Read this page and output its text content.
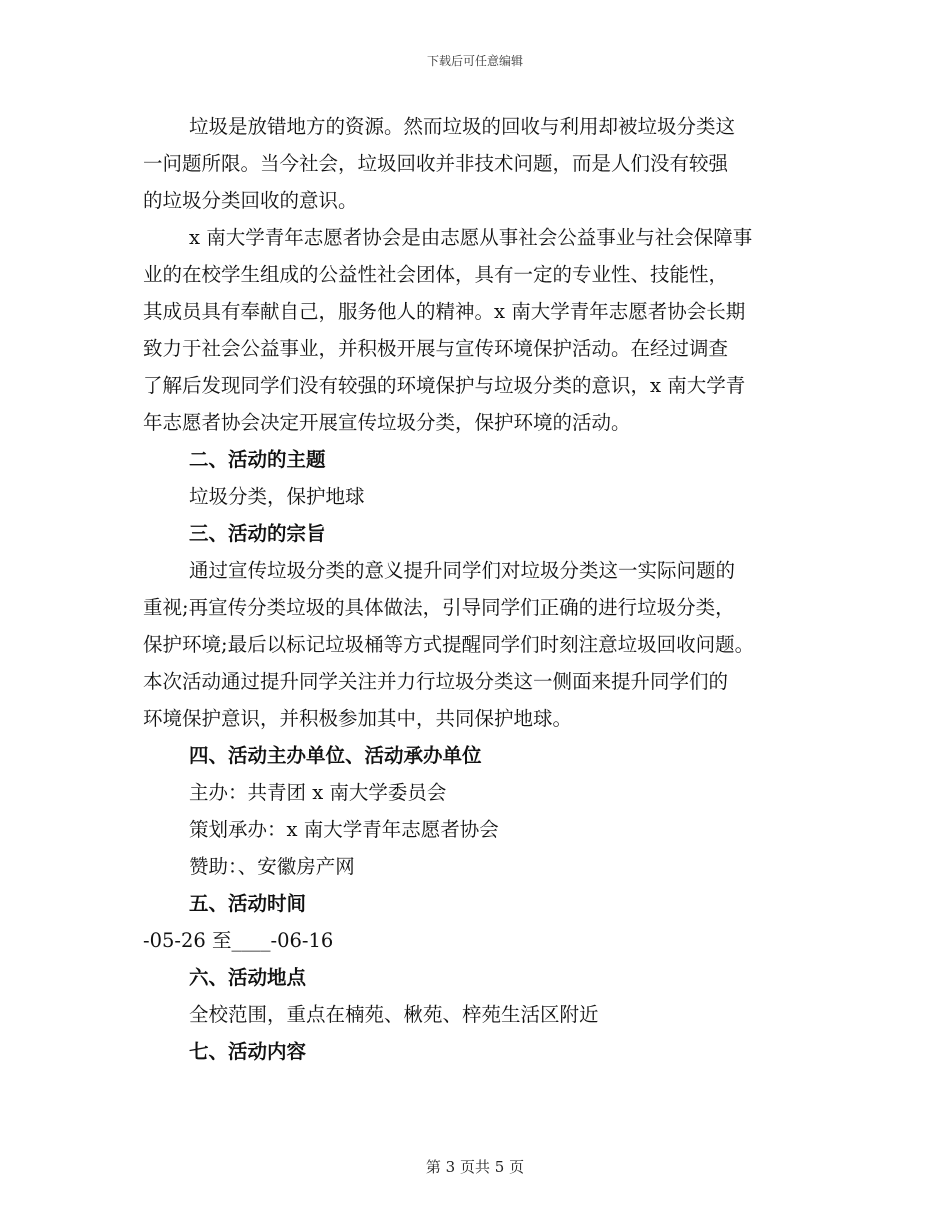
下载后可任意编辑
垃圾是放错地方的资源。然而垃圾的回收与利用却被垃圾分类这
一问题所限。当今社会，垃圾回收并非技术问题，而是人们没有较强
的垃圾分类回收的意识。
x 南大学青年志愿者协会是由志愿从事社会公益事业与社会保障事
业的在校学生组成的公益性社会团体，具有一定的专业性、技能性，
其成员具有奉献自己，服务他人的精神。x 南大学青年志愿者协会长期
致力于社会公益事业，并积极开展与宣传环境保护活动。在经过调查
了解后发现同学们没有较强的环境保护与垃圾分类的意识，x 南大学青
年志愿者协会决定开展宣传垃圾分类，保护环境的活动。
二、活动的主题
垃圾分类，保护地球
三、活动的宗旨
通过宣传垃圾分类的意义提升同学们对垃圾分类这一实际问题的
重视;再宣传分类垃圾的具体做法，引导同学们正确的进行垃圾分类，
保护环境;最后以标记垃圾桶等方式提醒同学们时刻注意垃圾回收问题。
本次活动通过提升同学关注并力行垃圾分类这一侧面来提升同学们的
环境保护意识，并积极参加其中，共同保护地球。
四、活动主办单位、活动承办单位
主办：共青团 x 南大学委员会
策划承办：x 南大学青年志愿者协会
赞助：、安徽房产网
五、活动时间
-05-26 至____-06-16
六、活动地点
全校范围，重点在楠苑、楸苑、梓苑生活区附近
七、活动内容
第 3 页共 5 页
